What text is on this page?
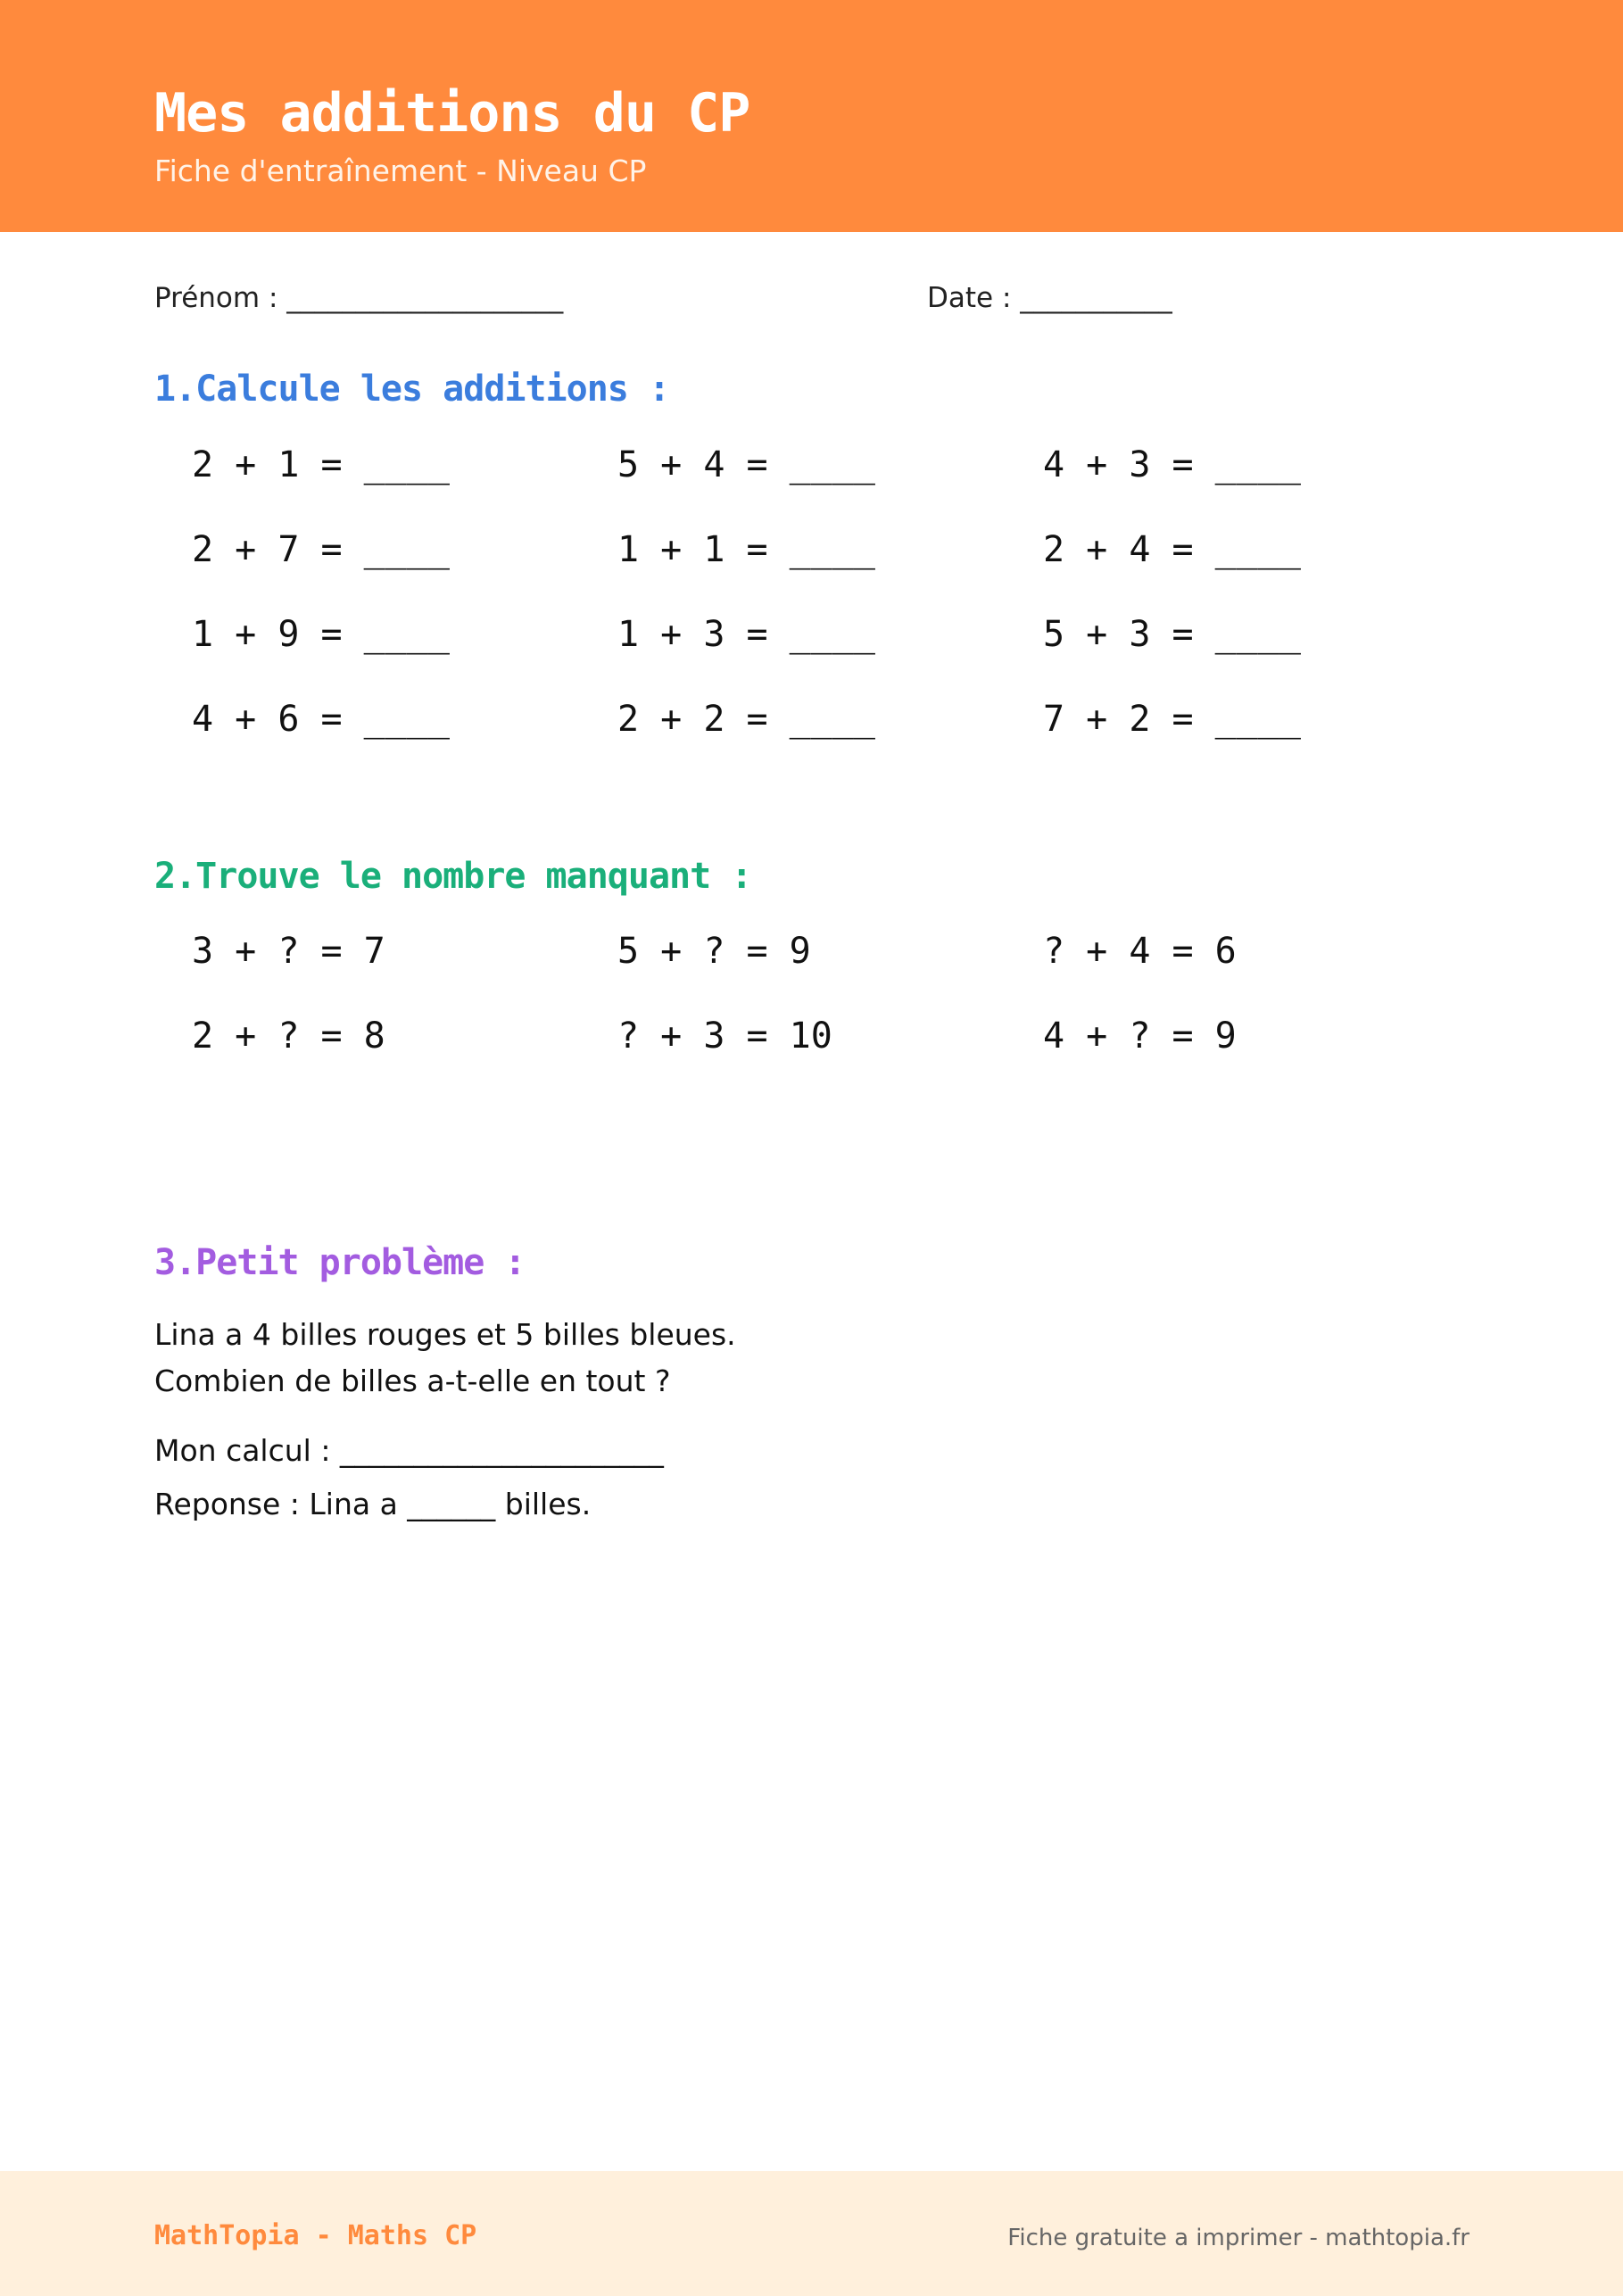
Mes additions du CP
Fiche d'entraînement - Niveau CP
Prénom : ____________________	Date : ___________
1.Calcule les additions :
2 + 1 = ____	5 + 4 = ____	4 + 3 = ____
2 + 7 = ____	1 + 1 = ____	2 + 4 = ____
1 + 9 = ____	1 + 3 = ____	5 + 3 = ____
4 + 6 = ____	2 + 2 = ____	7 + 2 = ____
2.Trouve le nombre manquant :
3 + ? = 7	5 + ? = 9	? + 4 = 6
2 + ? = 8	? + 3 = 10	4 + ? = 9
3.Petit problème :
Lina a 4 billes rouges et 5 billes bleues.
Combien de billes a-t-elle en tout ?
Mon calcul : ______________________
Reponse : Lina a ______ billes.
MathTopia - Maths CP	Fiche gratuite a imprimer - mathtopia.fr
